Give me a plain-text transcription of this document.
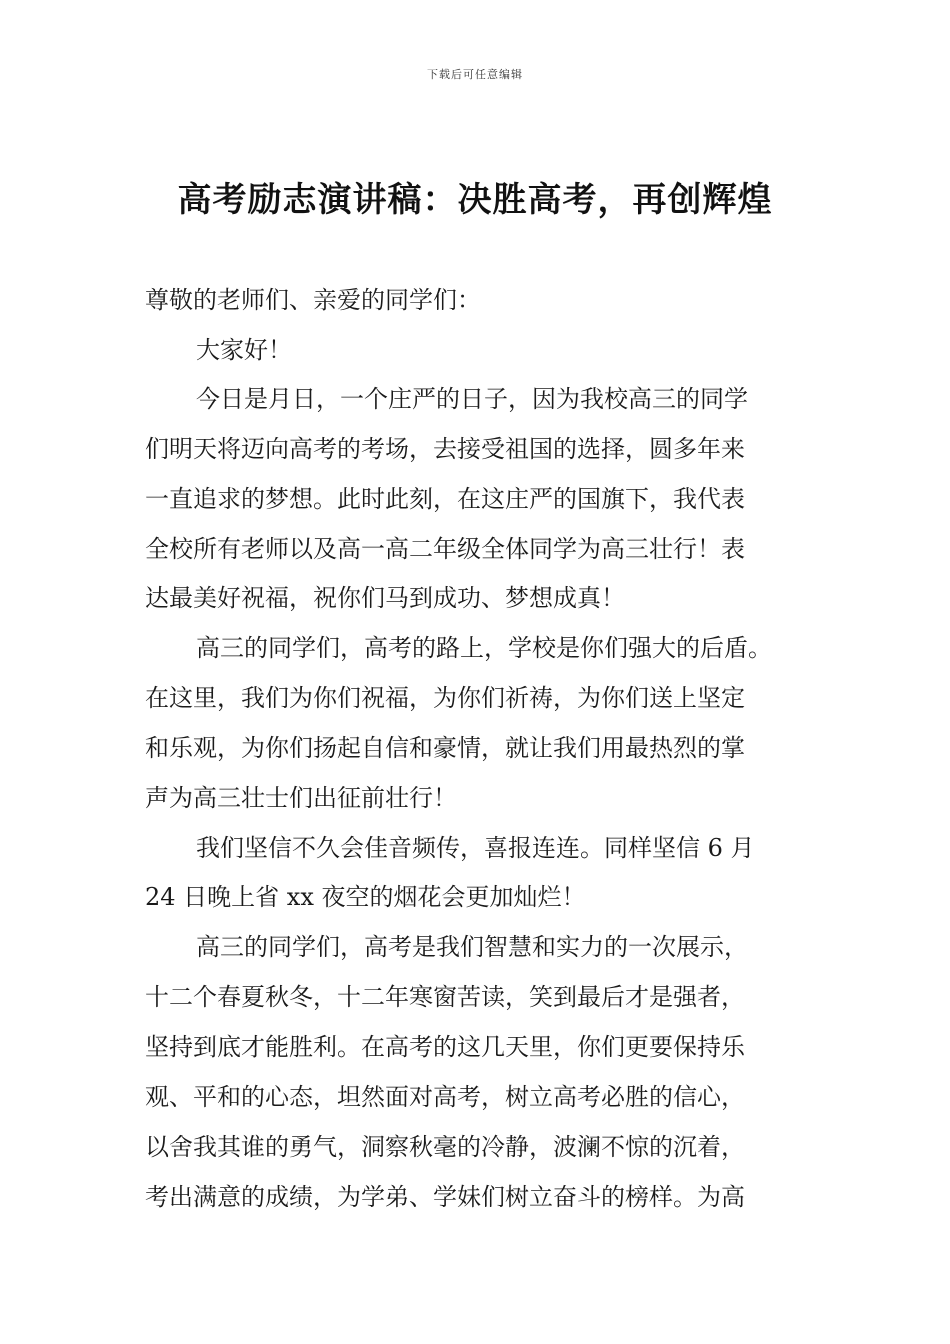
下载后可任意编辑
高考励志演讲稿：决胜高考，再创辉煌

尊敬的老师们、亲爱的同学们：

大家好！

今日是月日，一个庄严的日子，因为我校高三的同学

们明天将迈向高考的考场，去接受祖国的选择，圆多年来

一直追求的梦想。此时此刻，在这庄严的国旗下，我代表

全校所有老师以及高一高二年级全体同学为高三壮行！表

达最美好祝福，祝你们马到成功、梦想成真！

高三的同学们，高考的路上，学校是你们强大的后盾。

在这里，我们为你们祝福，为你们祈祷，为你们送上坚定

和乐观，为你们扬起自信和豪情，就让我们用最热烈的掌

声为高三壮士们出征前壮行！

我们坚信不久会佳音频传，喜报连连。同样坚信 6 月

24 日晚上省 xx 夜空的烟花会更加灿烂！

高三的同学们，高考是我们智慧和实力的一次展示，

十二个春夏秋冬，十二年寒窗苦读，笑到最后才是强者，

坚持到底才能胜利。在高考的这几天里，你们更要保持乐

观、平和的心态，坦然面对高考，树立高考必胜的信心，

以舍我其谁的勇气，洞察秋毫的冷静，波澜不惊的沉着，

考出满意的成绩，为学弟、学妹们树立奋斗的榜样。为高
